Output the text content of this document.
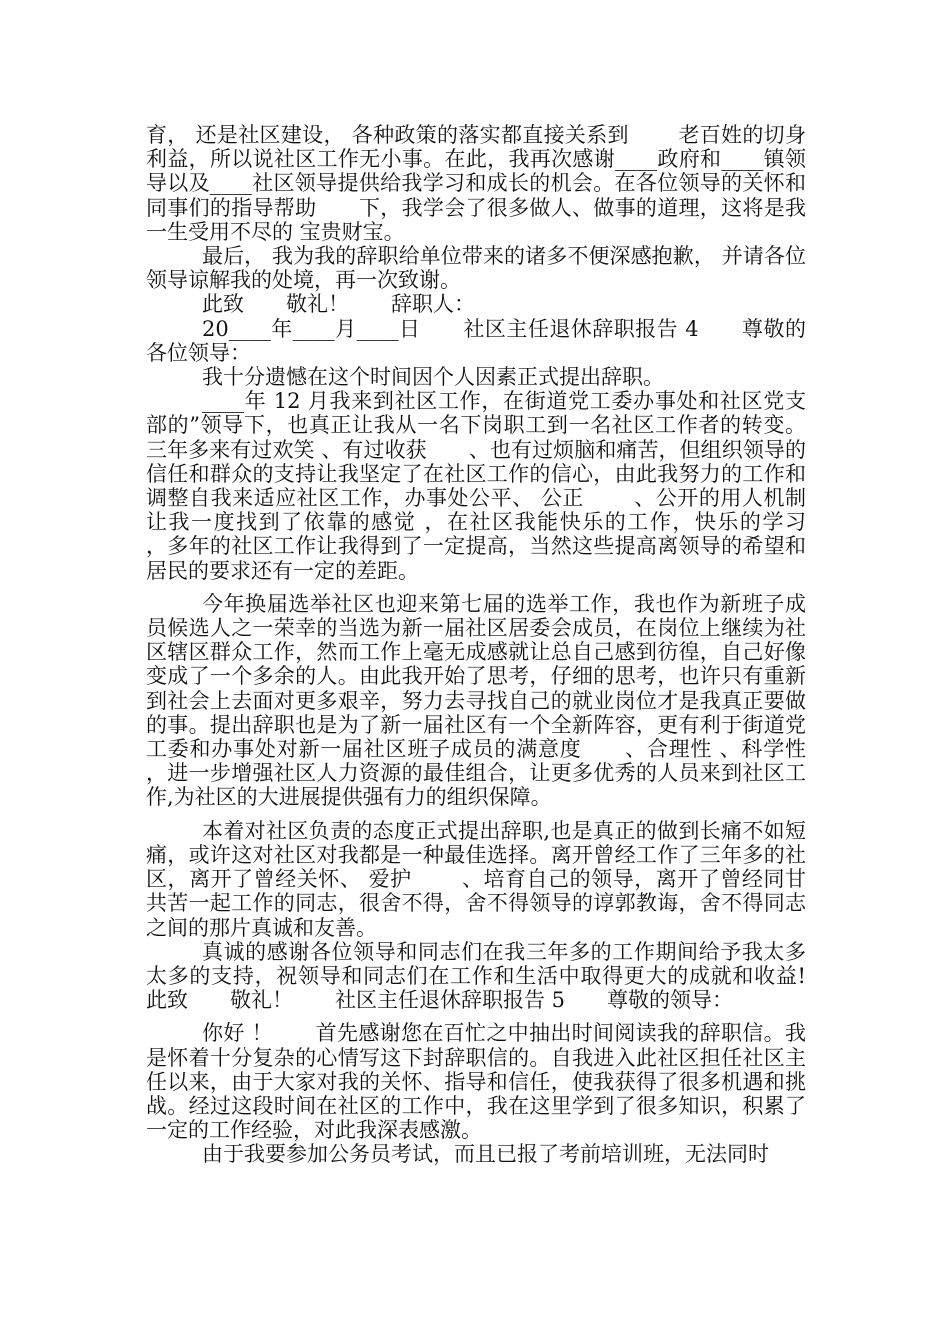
育， 还是社区建设， 各种政策的落实都直接关系到 　　老百姓的切身利益，所以说社区工作无小事。在此，我再次感谢____政府和____镇领导以及____社区领导提供给我学习和成长的机会。在各位领导的关怀和同事们的指导帮助　　下，我学会了很多做人、做事的道理，这将是我一生受用不尽的 宝贵财宝。

最后， 我为我的辞职给单位带来的诸多不便深感抱歉， 并请各位领导谅解我的处境，再一次致谢。

此致　　敬礼！　　辞职人：

20____年____月____日　　社区主任退休辞职报告 4　　尊敬的各位领导：

我十分遗憾在这个时间因个人因素正式提出辞职。

____年 12 月我来到社区工作，在街道党工委办事处和社区党支部的”领导下，也真正让我从一名下岗职工到一名社区工作者的转变。三年多来有过欢笑 、有过收获　　、也有过烦脑和痛苦，但组织领导的信任和群众的支持让我坚定了在社区工作的信心，由此我努力的工作和调整自我来适应社区工作，办事处公平、 公正 　　、公开的用人机制让我一度找到了依靠的感觉 ，在社区我能快乐的工作，快乐的学习　　 ，多年的社区工作让我得到了一定提高，当然这些提高离领导的希望和居民的要求还有一定的差距。

今年换届选举社区也迎来第七届的选举工作，我也作为新班子成员候选人之一荣幸的当选为新一届社区居委会成员，在岗位上继续为社区辖区群众工作，然而工作上毫无成感就让总自己感到彷徨，自己好像变成了一个多余的人。由此我开始了思考，仔细的思考，也许只有重新到社会上去面对更多艰辛，努力去寻找自己的就业岗位才是我真正要做的事。提出辞职也是为了新一届社区有一个全新阵容，更有利于街道党工委和办事处对新一届社区班子成员的满意度　　、合理性 、科学性 ，进一步增强社区人力资源的最佳组合，让更多优秀的人员来到社区工作,为社区的大进展提供强有力的组织保障。

本着对社区负责的态度正式提出辞职,也是真正的做到长痛不如短痛，或许这对社区对我都是一种最佳选择。离开曾经工作了三年多的社区，离开了曾经关怀、 爱护　　 、培育自己的领导，离开了曾经同甘共苦一起工作的同志，很舍不得，舍不得领导的谆郭教诲，舍不得同志之间的那片真诚和友善。

真诚的感谢各位领导和同志们在我三年多的工作期间给予我太多太多的支持，祝领导和同志们在工作和生活中取得更大的成就和收益!　　此致　　敬礼！　　社区主任退休辞职报告 5　　尊敬的领导：

你好 ！　　首先感谢您在百忙之中抽出时间阅读我的辞职信。我是怀着十分复杂的心情写这下封辞职信的。自我进入此社区担任社区主任以来，由于大家对我的关怀、指导和信任，使我获得了很多机遇和挑战。经过这段时间在社区的工作中，我在这里学到了很多知识，积累了一定的工作经验，对此我深表感激。

由于我要参加公务员考试，而且已报了考前培训班，无法同时
